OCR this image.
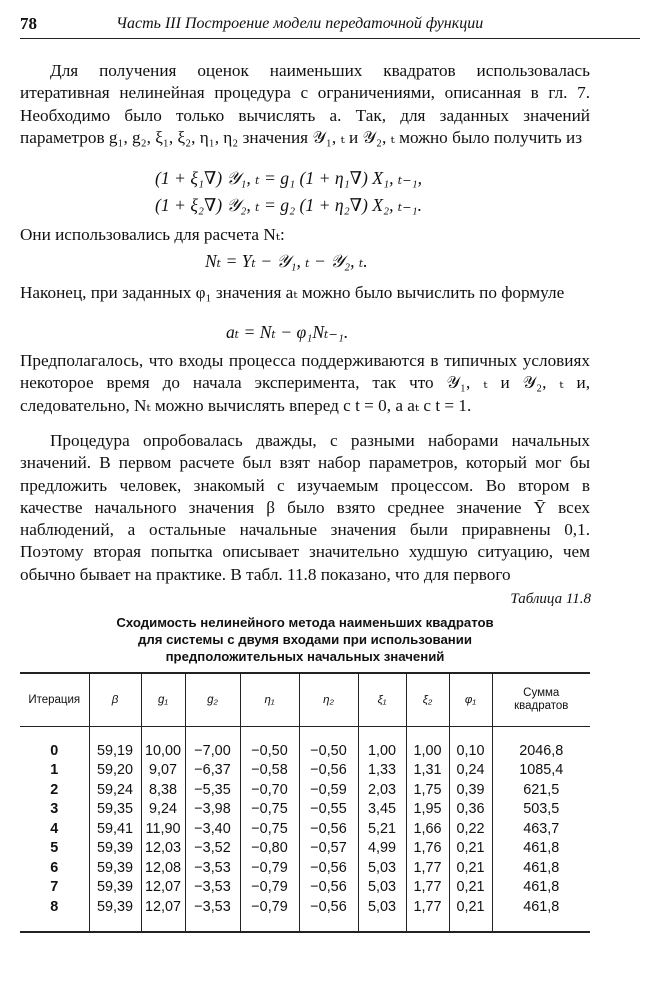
78	Часть III Построение модели передаточной функции

Для получения оценок наименьших квадратов использовалась итеративная нелинейная процедура с ограничениями, описанная в гл. 7. Необходимо было только вычислять a. Так, для заданных значений параметров g₁, g₂, ξ₁, ξ₂, η₁, η₂ значения 𝒴₁, ₜ и 𝒴₂, ₜ можно было получить из

(1 + ξ₁∇) 𝒴₁, ₜ = g₁ (1 + η₁∇) X₁, ₜ₋₁,
(1 + ξ₂∇) 𝒴₂, ₜ = g₂ (1 + η₂∇) X₂, ₜ₋₁.

Они использовались для расчета Nₜ:

Nₜ = Yₜ − 𝒴₁, ₜ − 𝒴₂, ₜ.

Наконец, при заданных φ₁ значения aₜ можно было вычислить по формуле

aₜ = Nₜ − φ₁Nₜ₋₁.

Предполагалось, что входы процесса поддерживаются в типичных условиях некоторое время до начала эксперимента, так что 𝒴₁, ₜ и 𝒴₂, ₜ и, следовательно, Nₜ можно вычислять вперед с t = 0, а aₜ с t = 1.

Процедура опробовалась дважды, с разными наборами начальных значений. В первом расчете был взят набор параметров, который мог бы предложить человек, знакомый с изучаемым процессом. Во втором в качестве начального значения β было взято среднее значение Ȳ всех наблюдений, а остальные начальные значения были приравнены 0,1. Поэтому вторая попытка описывает значительно худшую ситуацию, чем обычно бывает на практике. В табл. 11.8 показано, что для первого

Таблица 11.8
Сходимость нелинейного метода наименьших квадратов
для системы с двумя входами при использовании
предположительных начальных значений
Итерация	β	g₁	g₂	η₁	η₂	ξ₁	ξ₂	φ₁	Сумма квадратов

0	59,19	10,00	−7,00	−0,50	−0,50	1,00	1,00	0,10	2046,8
1	59,20	9,07	−6,37	−0,58	−0,56	1,33	1,31	0,24	1085,4
2	59,24	8,38	−5,35	−0,70	−0,59	2,03	1,75	0,39	621,5
3	59,35	9,24	−3,98	−0,75	−0,55	3,45	1,95	0,36	503,5
4	59,41	11,90	−3,40	−0,75	−0,56	5,21	1,66	0,22	463,7
5	59,39	12,03	−3,52	−0,80	−0,57	4,99	1,76	0,21	461,8
6	59,39	12,08	−3,53	−0,79	−0,56	5,03	1,77	0,21	461,8
7	59,39	12,07	−3,53	−0,79	−0,56	5,03	1,77	0,21	461,8
8	59,39	12,07	−3,53	−0,79	−0,56	5,03	1,77	0,21	461,8
